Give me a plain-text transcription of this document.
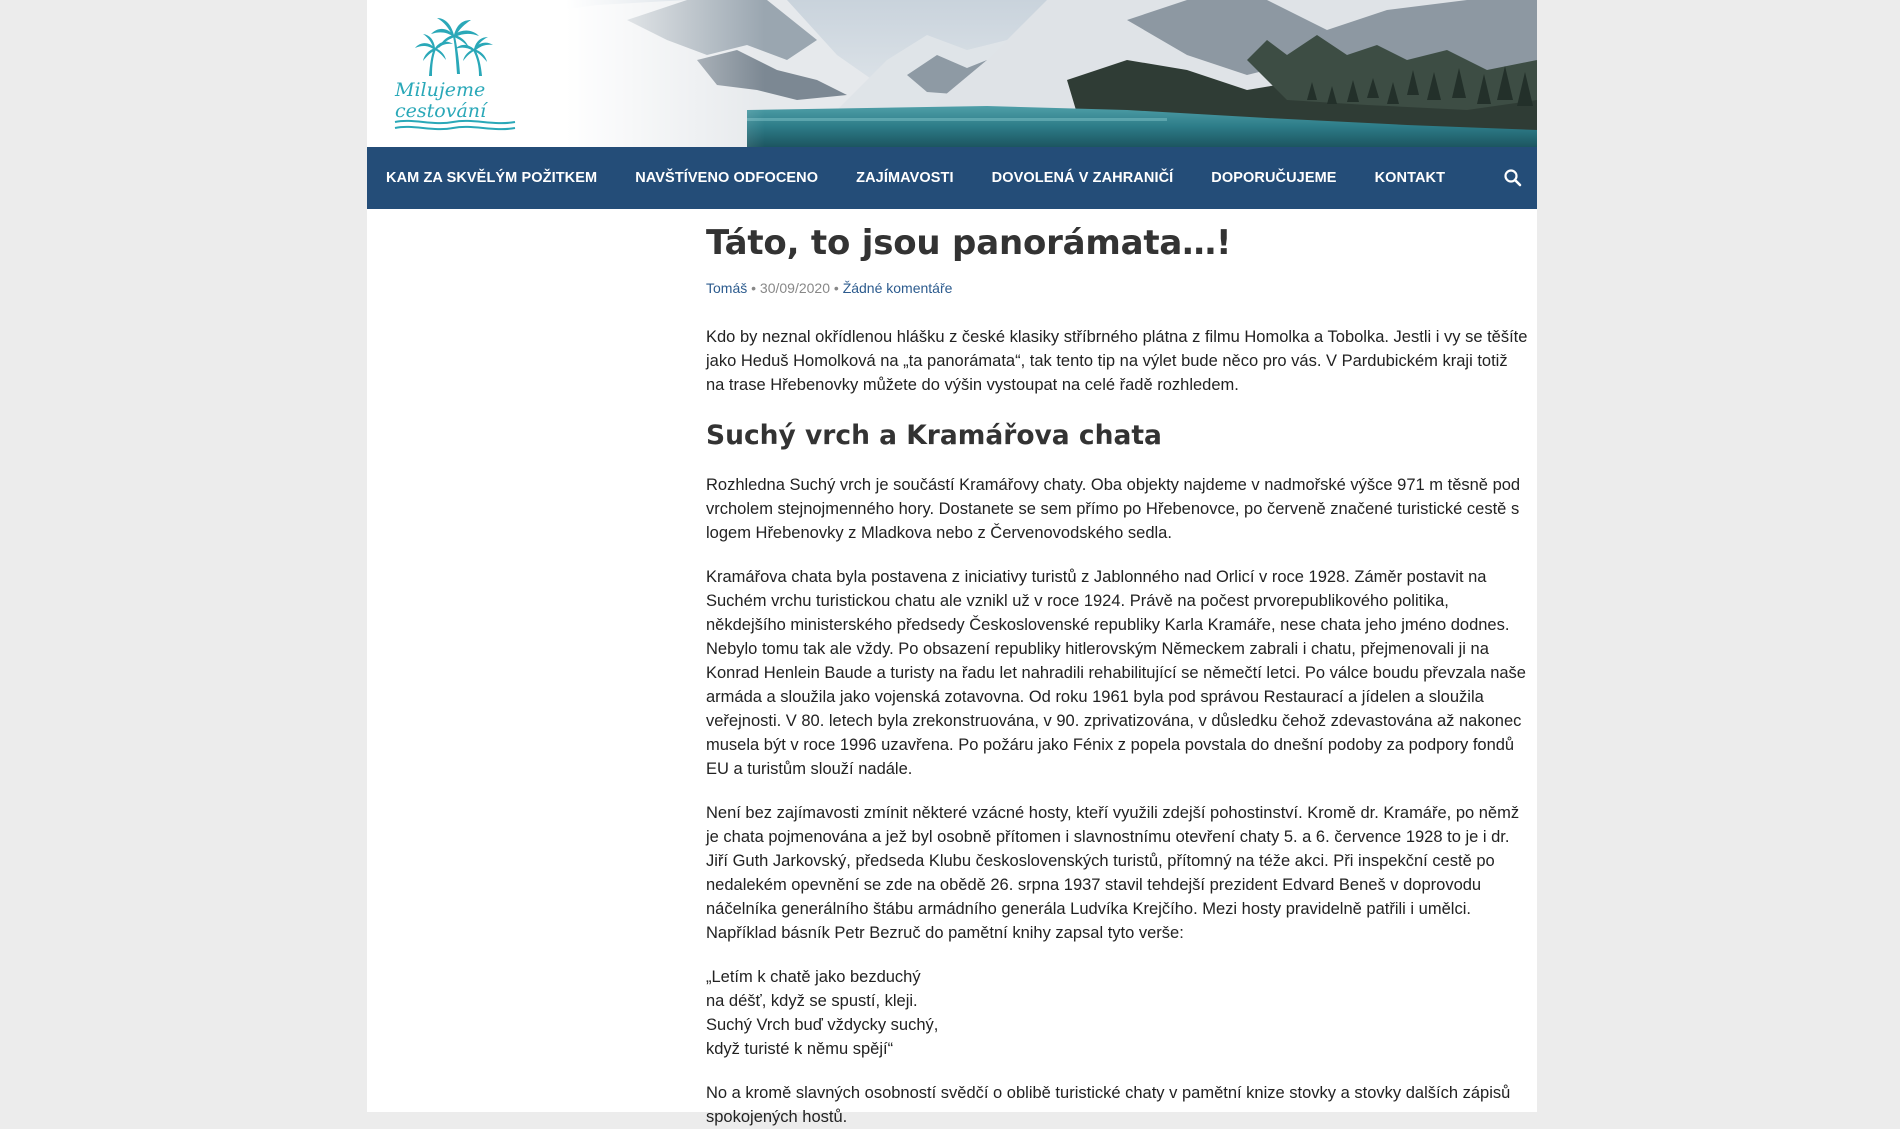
Milujeme
cestování
KAM ZA SKVĚLÝM POŽITKEM	NAVŠTÍVENO ODFOCENO	ZAJÍMAVOSTI	DOVOLENÁ V ZAHRANIČÍ	DOPORUČUJEME	KONTAKT
Táto, to jsou panorámata…!
Tomáš • 30/09/2020 • Žádné komentáře

Kdo by neznal okřídlenou hlášku z české klasiky stříbrného plátna z filmu Homolka a Tobolka. Jestli i vy se těšíte jako Heduš Homolková na „ta panorámata“, tak tento tip na výlet bude něco pro vás. V Pardubickém kraji totiž na trase Hřebenovky můžete do výšin vystoupat na celé řadě rozhledem.

Suchý vrch a Kramářova chata

Rozhledna Suchý vrch je součástí Kramářovy chaty. Oba objekty najdeme v nadmořské výšce 971 m těsně pod vrcholem stejnojmenného hory. Dostanete se sem přímo po Hřebenovce, po červeně značené turistické cestě s logem Hřebenovky z Mladkova nebo z Červenovodského sedla.

Kramářova chata byla postavena z iniciativy turistů z Jablonného nad Orlicí v roce 1928. Záměr postavit na Suchém vrchu turistickou chatu ale vznikl už v roce 1924. Právě na počest prvorepublikového politika, někdejšího ministerského předsedy Československé republiky Karla Kramáře, nese chata jeho jméno dodnes. Nebylo tomu tak ale vždy. Po obsazení republiky hitlerovským Německem zabrali i chatu, přejmenovali ji na Konrad Henlein Baude a turisty na řadu let nahradili rehabilitující se němečtí letci. Po válce boudu převzala naše armáda a sloužila jako vojenská zotavovna. Od roku 1961 byla pod správou Restaurací a jídelen a sloužila veřejnosti. V 80. letech byla zrekonstruována, v 90. zprivatizována, v důsledku čehož zdevastována až nakonec musela být v roce 1996 uzavřena. Po požáru jako Fénix z popela povstala do dnešní podoby za podpory fondů EU a turistům slouží nadále.

Není bez zajímavosti zmínit některé vzácné hosty, kteří využili zdejší pohostinství. Kromě dr. Kramáře, po němž je chata pojmenována a jež byl osobně přítomen i slavnostnímu otevření chaty 5. a 6. července 1928 to je i dr. Jiří Guth Jarkovský, předseda Klubu československých turistů, přítomný na téže akci. Při inspekční cestě po nedalekém opevnění se zde na obědě 26. srpna 1937 stavil tehdejší prezident Edvard Beneš v doprovodu náčelníka generálního štábu armádního generála Ludvíka Krejčího. Mezi hosty pravidelně patřili i umělci. Například básník Petr Bezruč do pamětní knihy zapsal tyto verše:

„Letím k chatě jako bezduchý
na déšť, když se spustí, kleji.
Suchý Vrch buď vždycky suchý,
když turisté k němu spějí“

No a kromě slavných osobností svědčí o oblibě turistické chaty v pamětní knize stovky a stovky dalších zápisů spokojených hostů.
